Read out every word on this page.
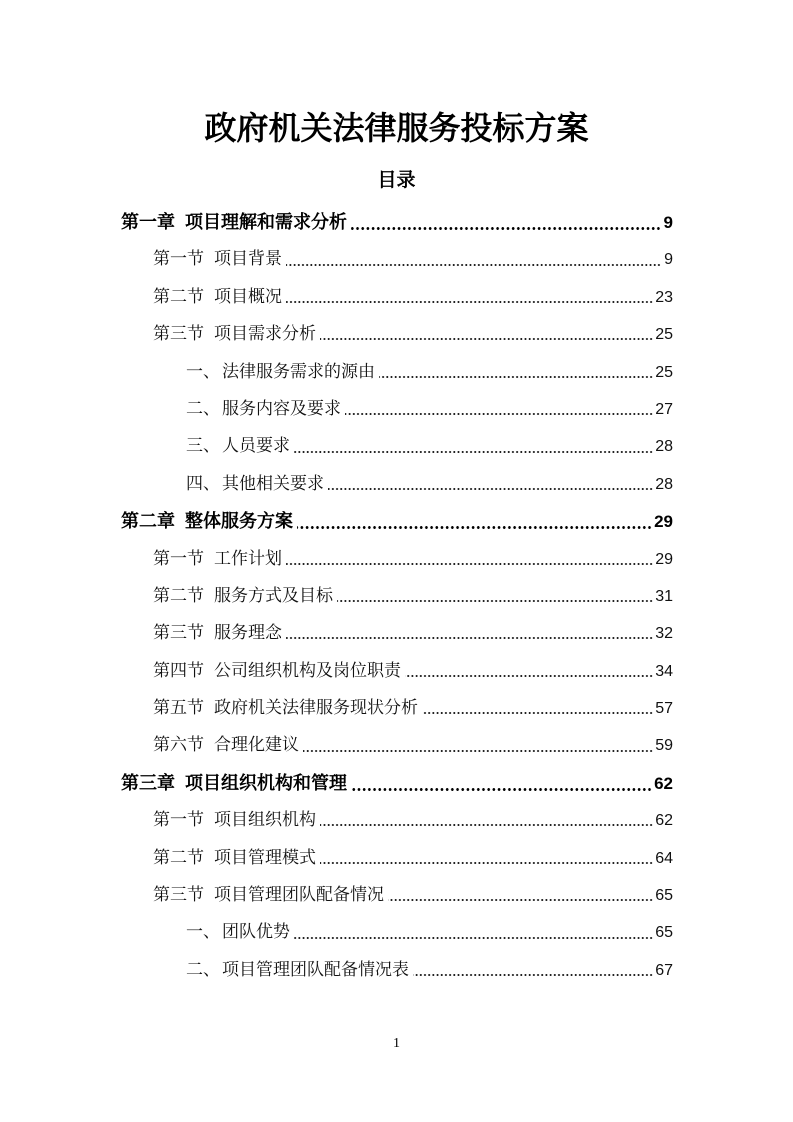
政府机关法律服务投标方案
目录
第一章 项目理解和需求分析	9
第一节 项目背景	9
第二节 项目概况	23
第三节 项目需求分析	25
一、 法律服务需求的源由	25
二、 服务内容及要求	27
三、 人员要求	28
四、 其他相关要求	28
第二章 整体服务方案	29
第一节 工作计划	29
第二节 服务方式及目标	31
第三节 服务理念	32
第四节 公司组织机构及岗位职责	34
第五节 政府机关法律服务现状分析	57
第六节 合理化建议	59
第三章 项目组织机构和管理	62
第一节 项目组织机构	62
第二节 项目管理模式	64
第三节 项目管理团队配备情况	65
一、 团队优势	65
二、 项目管理团队配备情况表	67
1
